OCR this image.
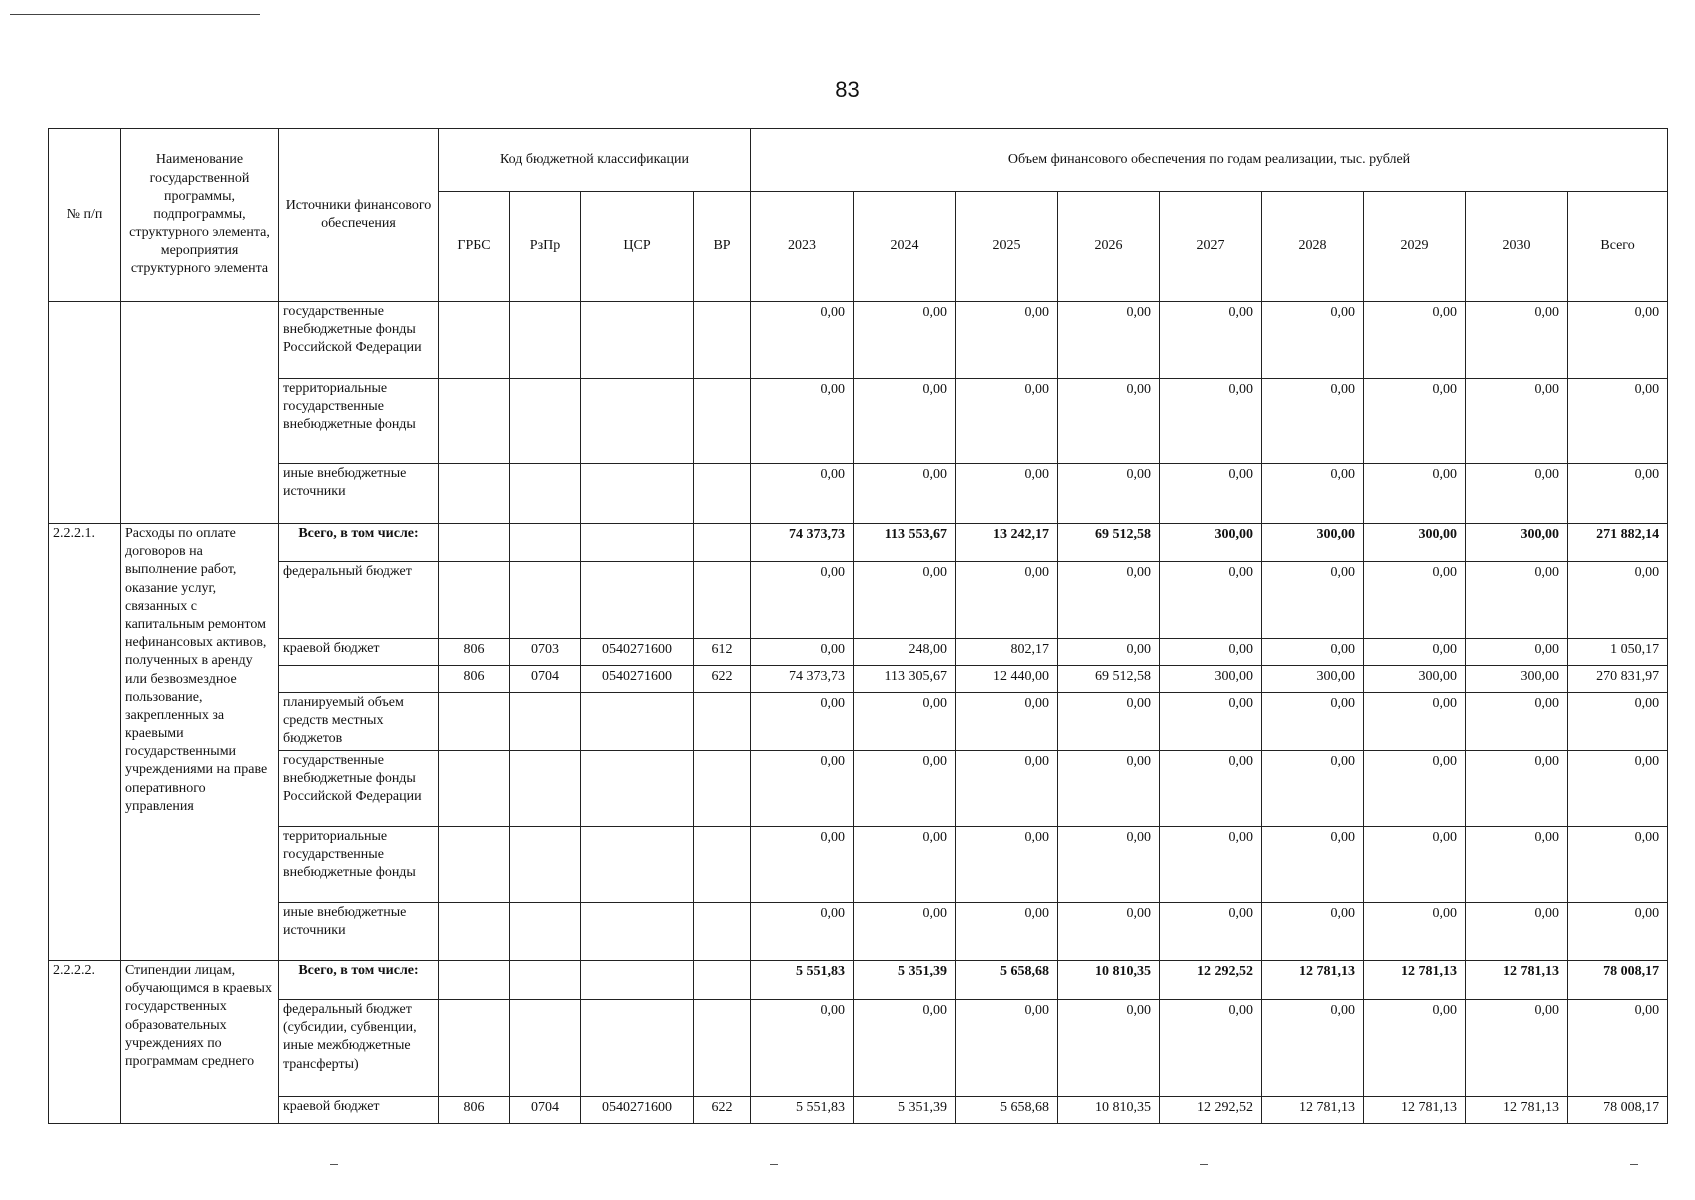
83
№ п/п	Наименование государственной программы, подпрограммы, структурного элемента, мероприятия структурного элемента	Источники финансового обеспечения	Код бюджетной классификации				Объем финансового обеспечения по годам реализации, тыс. рублей								
			ГРБС	РзПр	ЦСР	ВР	2023	2024	2025	2026	2027	2028	2029	2030	Всего
		государственные внебюджетные фонды Российской Федерации					0,00	0,00	0,00	0,00	0,00	0,00	0,00	0,00	0,00
		территориальные государственные внебюджетные фонды					0,00	0,00	0,00	0,00	0,00	0,00	0,00	0,00	0,00
		иные внебюджетные источники					0,00	0,00	0,00	0,00	0,00	0,00	0,00	0,00	0,00
2.2.2.1.	Расходы по оплате договоров на выполнение работ, оказание услуг, связанных с капитальным ремонтом нефинансовых активов, полученных в аренду или безвозмездное пользование, закрепленных за краевыми государственными учреждениями на праве оперативного управления	Всего, в том числе:					74 373,73	113 553,67	13 242,17	69 512,58	300,00	300,00	300,00	300,00	271 882,14
		федеральный бюджет					0,00	0,00	0,00	0,00	0,00	0,00	0,00	0,00	0,00
		краевой бюджет	806	0703	0540271600	612	0,00	248,00	802,17	0,00	0,00	0,00	0,00	0,00	1 050,17
			806	0704	0540271600	622	74 373,73	113 305,67	12 440,00	69 512,58	300,00	300,00	300,00	300,00	270 831,97
		планируемый объем средств местных бюджетов					0,00	0,00	0,00	0,00	0,00	0,00	0,00	0,00	0,00
		государственные внебюджетные фонды Российской Федерации					0,00	0,00	0,00	0,00	0,00	0,00	0,00	0,00	0,00
		территориальные государственные внебюджетные фонды					0,00	0,00	0,00	0,00	0,00	0,00	0,00	0,00	0,00
		иные внебюджетные источники					0,00	0,00	0,00	0,00	0,00	0,00	0,00	0,00	0,00
2.2.2.2.	Стипендии лицам, обучающимся в краевых государственных образовательных учреждениях по программам среднего	Всего, в том числе:					5 551,83	5 351,39	5 658,68	10 810,35	12 292,52	12 781,13	12 781,13	12 781,13	78 008,17
		федеральный бюджет (субсидии, субвенции, иные межбюджетные трансферты)					0,00	0,00	0,00	0,00	0,00	0,00	0,00	0,00	0,00
		краевой бюджет	806	0704	0540271600	622	5 551,83	5 351,39	5 658,68	10 810,35	12 292,52	12 781,13	12 781,13	12 781,13	78 008,17
